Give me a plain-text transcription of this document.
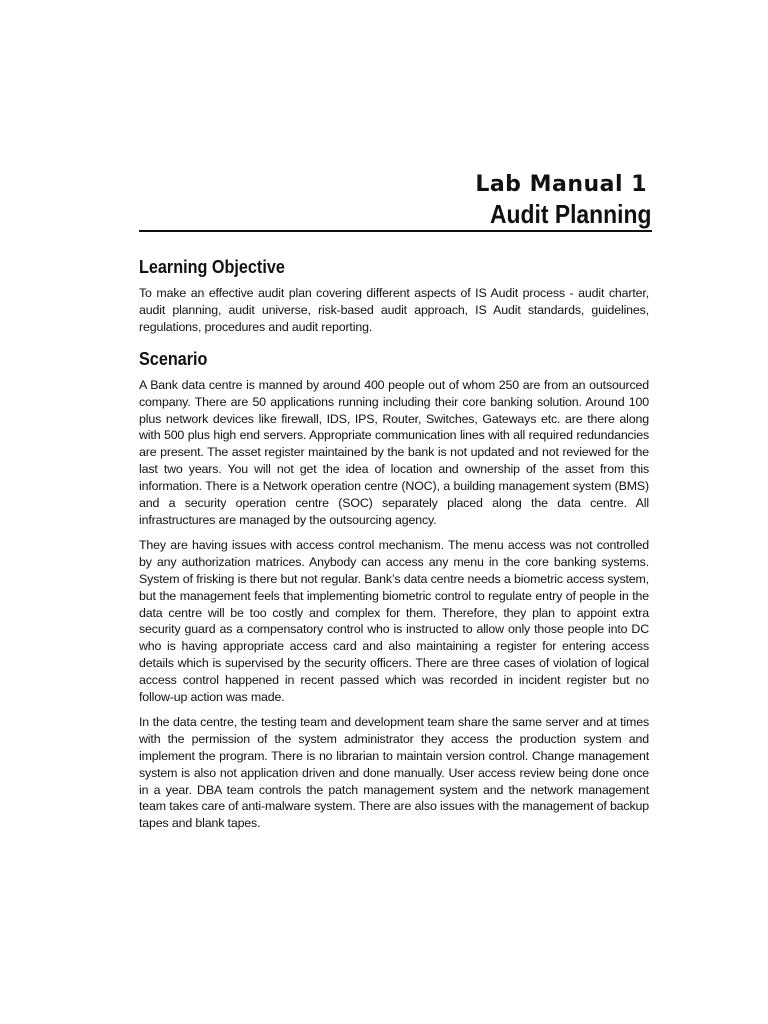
Lab Manual 1
Audit Planning
Learning Objective

To make an effective audit plan covering different aspects of IS Audit process - audit charter, audit planning, audit universe, risk-based audit approach, IS Audit standards, guidelines, regulations, procedures and audit reporting.

Scenario

A Bank data centre is manned by around 400 people out of whom 250 are from an outsourced company. There are 50 applications running including their core banking solution. Around 100 plus network devices like firewall, IDS, IPS, Router, Switches, Gateways etc. are there along with 500 plus high end servers. Appropriate communication lines with all required redundancies are present. The asset register maintained by the bank is not updated and not reviewed for the last two years. You will not get the idea of location and ownership of the asset from this information. There is a Network operation centre (NOC), a building management system (BMS) and a security operation centre (SOC) separately placed along the data centre. All infrastructures are managed by the outsourcing agency.

They are having issues with access control mechanism. The menu access was not controlled by any authorization matrices. Anybody can access any menu in the core banking systems. System of frisking is there but not regular. Bank’s data centre needs a biometric access system, but the management feels that implementing biometric control to regulate entry of people in the data centre will be too costly and complex for them. Therefore, they plan to appoint extra security guard as a compensatory control who is instructed to allow only those people into DC who is having appropriate access card and also maintaining a register for entering access details which is supervised by the security officers. There are three cases of violation of logical access control happened in recent passed which was recorded in incident register but no follow-up action was made.

In the data centre, the testing team and development team share the same server and at times with the permission of the system administrator they access the production system and implement the program. There is no librarian to maintain version control. Change management system is also not application driven and done manually. User access review being done once in a year. DBA team controls the patch management system and the network management team takes care of anti-malware system. There are also issues with the management of backup tapes and blank tapes.
